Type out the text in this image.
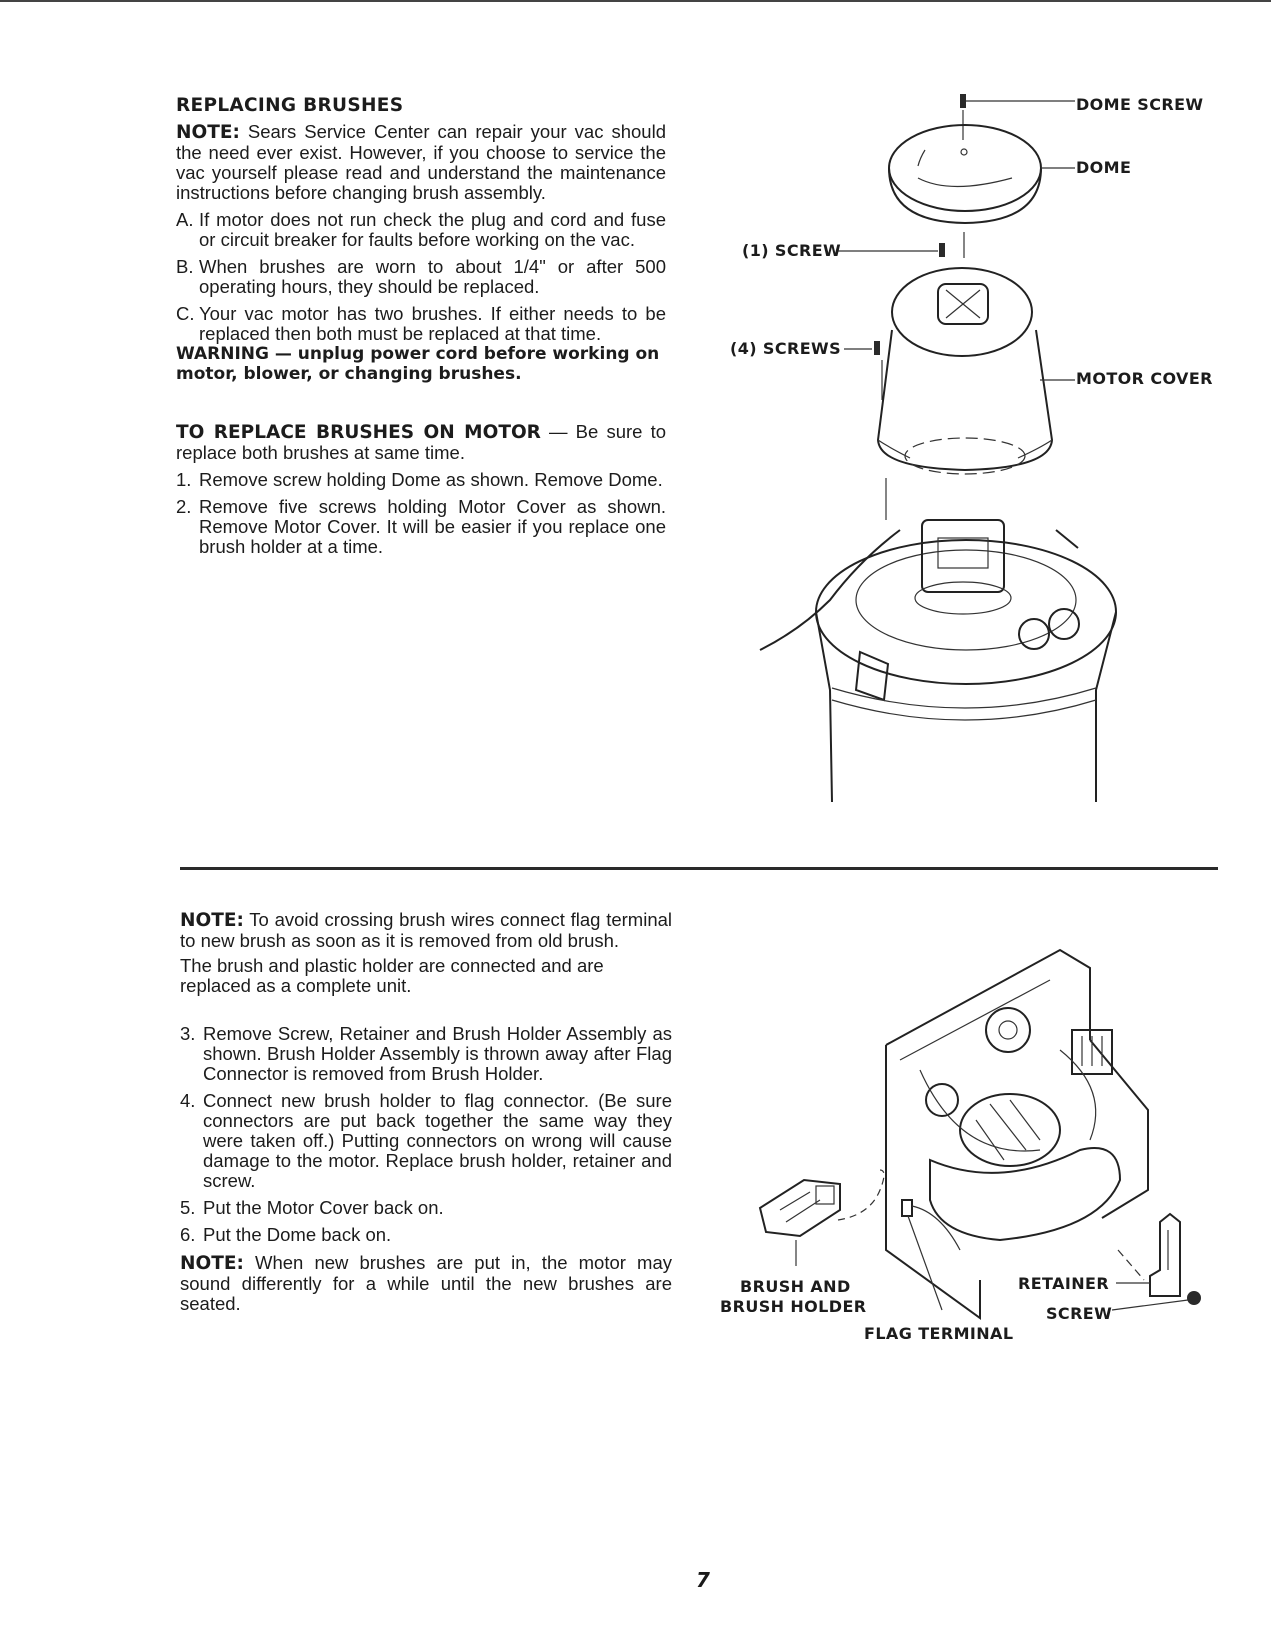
REPLACING BRUSHES

NOTE: Sears Service Center can repair your vac should the need ever exist. However, if you choose to service the vac yourself please read and understand the maintenance instructions before changing brush assembly.

A. If motor does not run check the plug and cord and fuse or circuit breaker for faults before working on the vac.
B. When brushes are worn to about 1/4" or after 500 operating hours, they should be replaced.
C. Your vac motor has two brushes. If either needs to be replaced then both must be replaced at that time.

WARNING — unplug power cord before working on motor, blower, or changing brushes.

TO REPLACE BRUSHES ON MOTOR — Be sure to replace both brushes at same time.

1. Remove screw holding Dome as shown. Remove Dome.
2. Remove five screws holding Motor Cover as shown. Remove Motor Cover. It will be easier if you replace one brush holder at a time.
DOME SCREW
DOME
(1) SCREW
(4) SCREWS
MOTOR COVER

NOTE: To avoid crossing brush wires connect flag terminal to new brush as soon as it is removed from old brush.

The brush and plastic holder are connected and are replaced as a complete unit.

3. Remove Screw, Retainer and Brush Holder Assembly as shown. Brush Holder Assembly is thrown away after Flag Connector is removed from Brush Holder.
4. Connect new brush holder to flag connector. (Be sure connectors are put back together the same way they were taken off.) Putting connectors on wrong will cause damage to the motor. Replace brush holder, retainer and screw.
5. Put the Motor Cover back on.
6. Put the Dome back on.

NOTE: When new brushes are put in, the motor may sound differently for a while until the new brushes are seated.

BRUSH AND
BRUSH HOLDER
FLAG TERMINAL
RETAINER
SCREW
7
